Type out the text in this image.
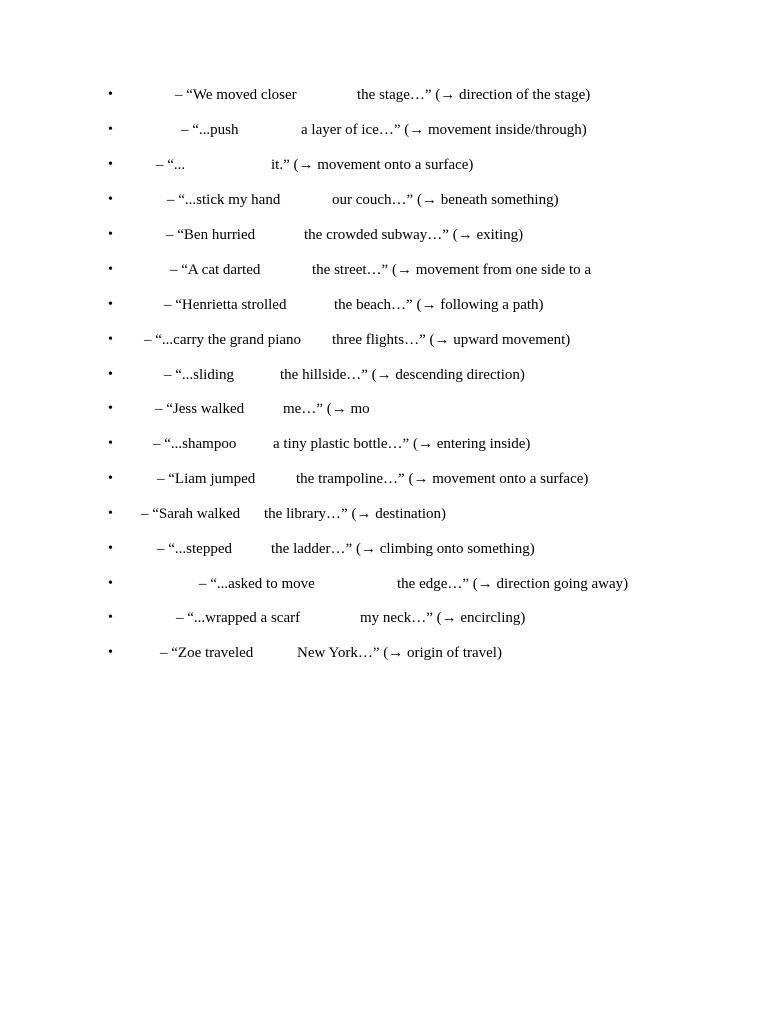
•	– “We moved closer	the stage…” (→ direction of the stage)
•	– “...push	a layer of ice…” (→ movement inside/through)
•	– “...	it.” (→ movement onto a surface)
•	– “...stick my hand	our couch…” (→ beneath something)
•	– “Ben hurried	the crowded subway…” (→ exiting)
•	– “A cat darted	the street…” (→ movement from one side to a
•	– “Henrietta strolled	the beach…” (→ following a path)
• – “...carry the grand piano three flights…” (→ upward movement)
•	– “...sliding	the hillside…” (→ descending direction)
•	– “Jess walked	me…” (→ mo
•	– “...shampoo a tiny plastic bottle…” (→ entering inside)
•	– “Liam jumped	the trampoline…” (→ movement onto a surface)
• – “Sarah walked the library…” (→ destination)
•	– “...stepped	the ladder…” (→ climbing onto something)
•	– “...asked to move	the edge…” (→ direction going away)
•	– “...wrapped a scarf	my neck…” (→ encircling)
•	– “Zoe traveled	New York…” (→ origin of travel)
